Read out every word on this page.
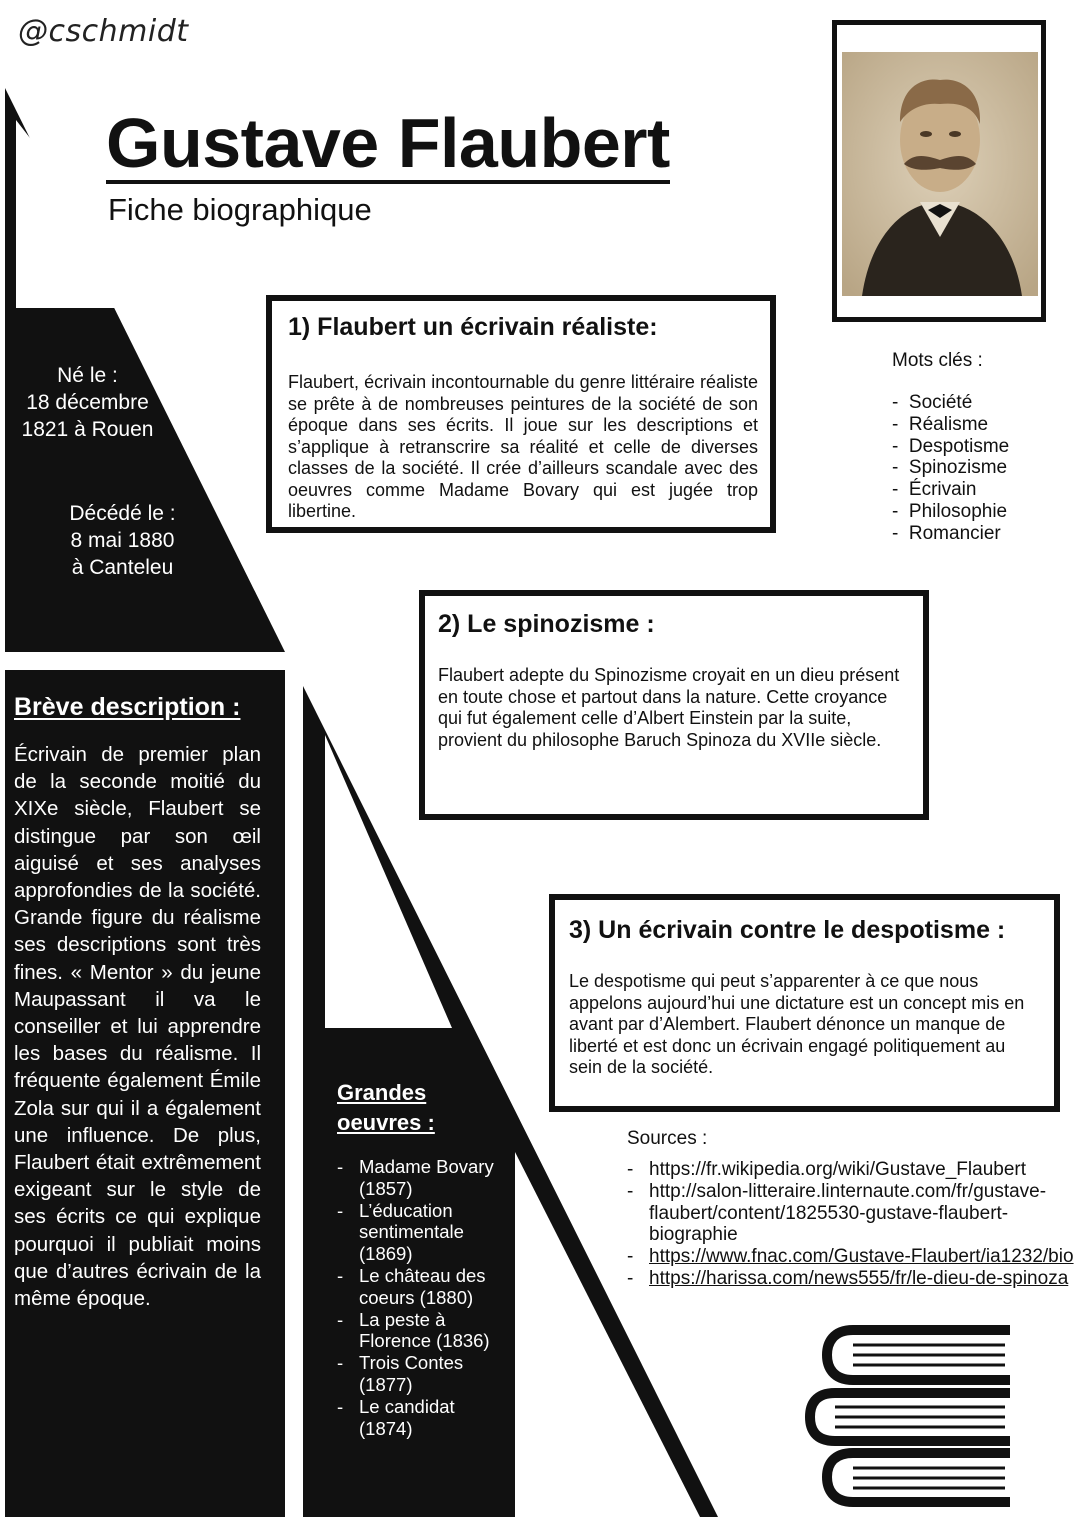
@cschmidt
Gustave Flaubert
Fiche biographique
Né le :
18 décembre
1821 à Rouen
Décédé le :
8 mai 1880
à Canteleu
1) Flaubert un écrivain réaliste:

Flaubert, écrivain incontournable du genre littéraire réaliste se prête à de nombreuses peintures de la société de son époque dans ses écrits. Il joue sur les descriptions et s’applique à retranscrire sa réalité et celle de diverses classes de la société. Il crée d’ailleurs scandale avec des oeuvres comme Madame Bovary qui est jugée trop libertine.

Mots clés :
- Société
- Réalisme
- Despotisme
- Spinozisme
- Écrivain
- Philosophie
- Romancier
2) Le spinozisme :

Flaubert adepte du Spinozisme croyait en un dieu présent en toute chose et partout dans la nature. Cette croyance qui fut également celle d’Albert Einstein par la suite, provient du philosophe Baruch Spinoza du XVIIe siècle.

3) Un écrivain contre le despotisme :

Le despotisme qui peut s’apparenter à ce que nous appelons aujourd’hui une dictature est un concept mis en avant par d’Alembert. Flaubert dénonce un manque de liberté et est donc un écrivain engagé politiquement au sein de la société.

Brève description :

Écrivain de premier plan de la seconde moitié du XIXe siècle, Flaubert se distingue par son œil aiguisé et ses analyses approfondies de la société. Grande figure du réalisme ses descriptions sont très fines. « Mentor » du jeune Maupassant il va le conseiller et lui apprendre les bases du réalisme. Il fréquente également Émile Zola sur qui il a également une influence. De plus, Flaubert était extrêmement exigeant sur le style de ses écrits ce qui explique pourquoi il publiait moins que d’autres écrivain de la même époque.

Grandes oeuvres :
- Madame Bovary (1857)
- L’éducation sentimentale (1869)
- Le château des coeurs (1880)
- La peste à Florence (1836)
- Trois Contes (1877)
- Le candidat (1874)
Sources :
- https://fr.wikipedia.org/wiki/Gustave_Flaubert
- http://salon-litteraire.linternaute.com/fr/gustave-flaubert/content/1825530-gustave-flaubert-biographie
- https://www.fnac.com/Gustave-Flaubert/ia1232/bio
- https://harissa.com/news555/fr/le-dieu-de-spinoza
